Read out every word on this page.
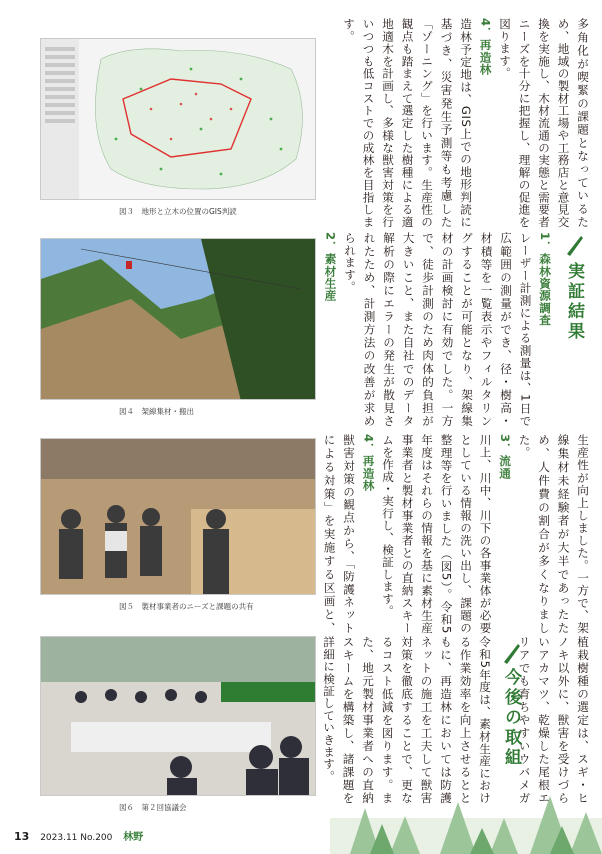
多角化が喫緊の課題となっているため、地域の製材工場や工務店と意見交換を実施し、木材流通の実態と需要者ニーズを十分に把握し、理解の促進を図ります。
4．再造林
造林予定地は、GIS上での地形判読に基づき、災害発生予測等も考慮した「ゾーニング」を行います。生産性の観点も踏まえて選定した樹種による適地適木を計画し、多様な獣害対策を行いつつも低コストでの成林を目指します。
実証結果
1．森林資源調査
レーザー計測による測量は、1日で広範囲の測量ができ、径・樹高・材積等を一覧表示やフィルタリングすることが可能となり、架線集材の計画検討に有効でした。一方で、徒歩計測のため肉体的負担が大きいこと、また自社でのデータ解析の際にエラーの発生が散見されたため、計測方法の改善が求められます。
2．素材生産

生産性が向上しました。一方で、架線集材未経験者が大半であったため、人件費の割合が多くなりました。
3．流通
川上、川中、川下の各事業体が必要としている情報の洗い出し、課題の整理等を行いました（図5）。令和5年度はそれらの情報を基に素材生産事業者と製材事業者との直納スキームを作成・実行し、検証します。
4．再造林
獣害対策の観点から、「防護ネットによる対策」を実施する区画と、
植栽樹種の選定は、スギ・ヒノキ以外に、獣害を受けづらいアカマツ、乾燥した尾根エリアでも育ちやすいウバメガ
今後の取組
令和5年度は、素材生産における作業効率を向上させるとともに、再造林においては防護ネットの施工を工夫して獣害対策を徹底することで、更なるコスト低減を図ります。また、地元製材事業者への直納スキームを構築し、諸課題を詳細に検証していきます。
図３　地形と立木の位置のGIS判読
図４　架線集材・搬出
図５　製材事業者のニーズと課題の共有
図６　第２回協議会
13 2023.11 No.200 林野
